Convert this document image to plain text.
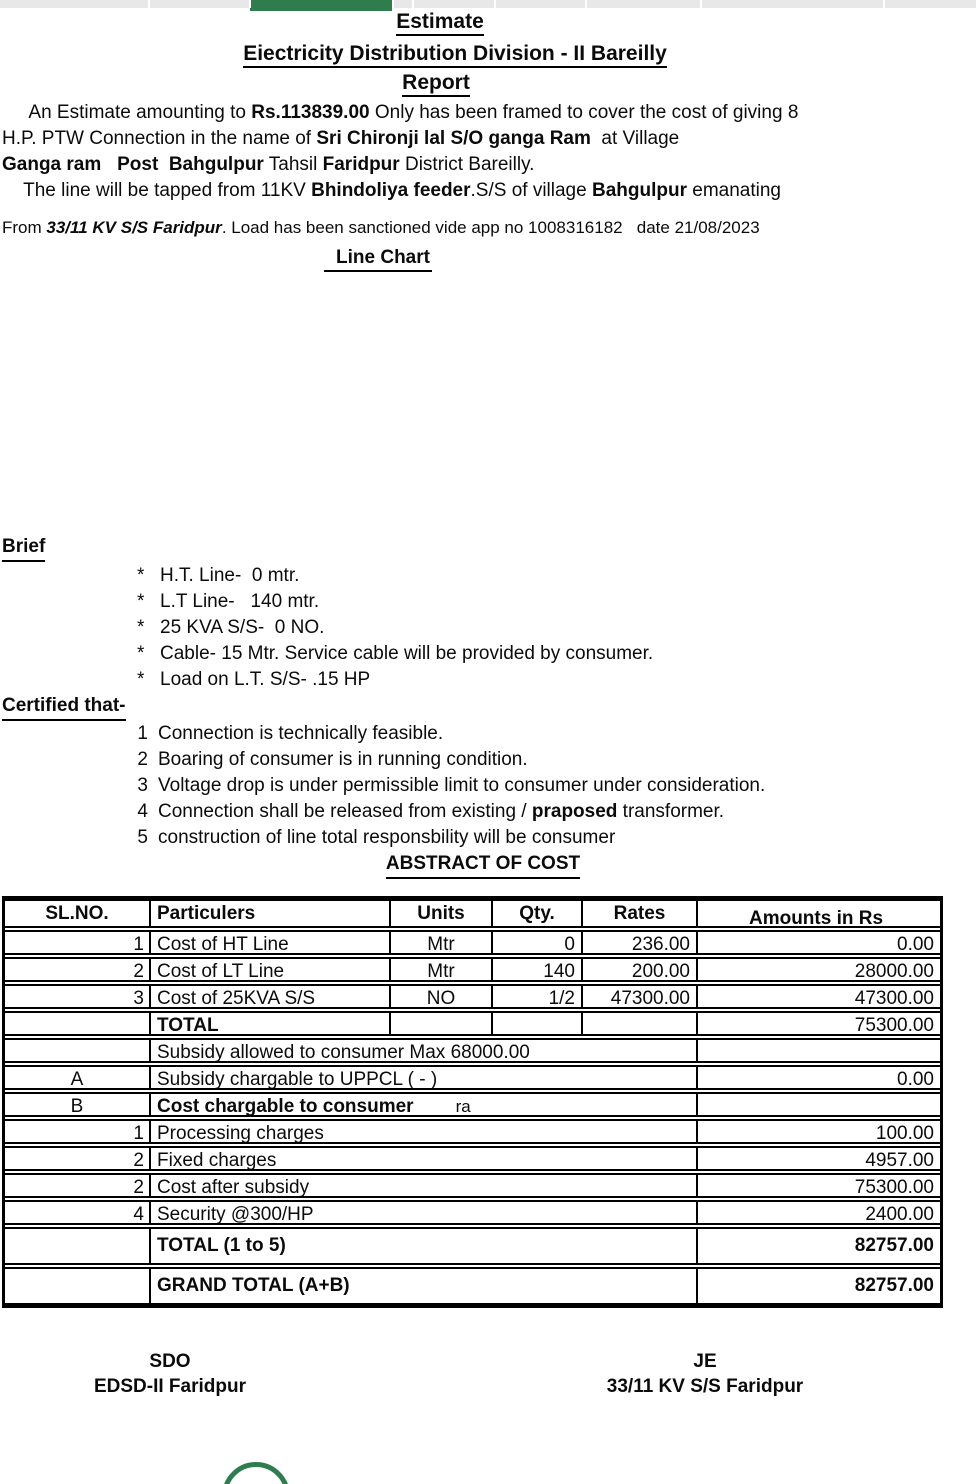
Estimate
Eiectricity Distribution Division - II Bareilly
Report
An Estimate amounting to Rs.113839.00 Only has been framed to cover the cost of giving 8
H.P. PTW Connection in the name of Sri Chironji lal S/O ganga Ram  at Village
Ganga ram   Post  Bahgulpur Tahsil Faridpur District Bareilly.
The line will be tapped from 11KV Bhindoliya feeder.S/S of village Bahgulpur emanating
From 33/11 KV S/S Faridpur. Load has been sanctioned vide app no 1008316182   date 21/08/2023
Line Chart
Brief
* H.T. Line-  0 mtr.
* L.T Line-   140 mtr.
* 25 KVA S/S-  0 NO.
* Cable- 15 Mtr. Service cable will be provided by consumer.
* Load on L.T. S/S- .15 HP
Certified that-
1 Connection is technically feasible.
2 Boaring of consumer is in running condition.
3 Voltage drop is under permissible limit to consumer under consideration.
4 Connection shall be released from existing / praposed transformer.
5 construction of line total responsbility will be consumer
ABSTRACT OF COST
SL.NO.	Particulers	Units	Qty.	Rates	Amounts in Rs
1 Cost of HT Line	Mtr	0	236.00	0.00
2 Cost of LT Line	Mtr	140	200.00	28000.00
3 Cost of 25KVA S/S	NO	1/2	47300.00	47300.00
TOTAL	75300.00
Subsidy allowed to consumer Max 68000.00
A	Subsidy chargable to UPPCL ( - )	0.00
B	Cost chargable to consumer ra
1 Processing charges	100.00
2 Fixed charges	4957.00
2 Cost after subsidy	75300.00
4 Security @300/HP	2400.00
TOTAL (1 to 5)	82757.00
GRAND TOTAL (A+B)	82757.00
SDO
EDSD-II Faridpur
JE
33/11 KV S/S Faridpur
